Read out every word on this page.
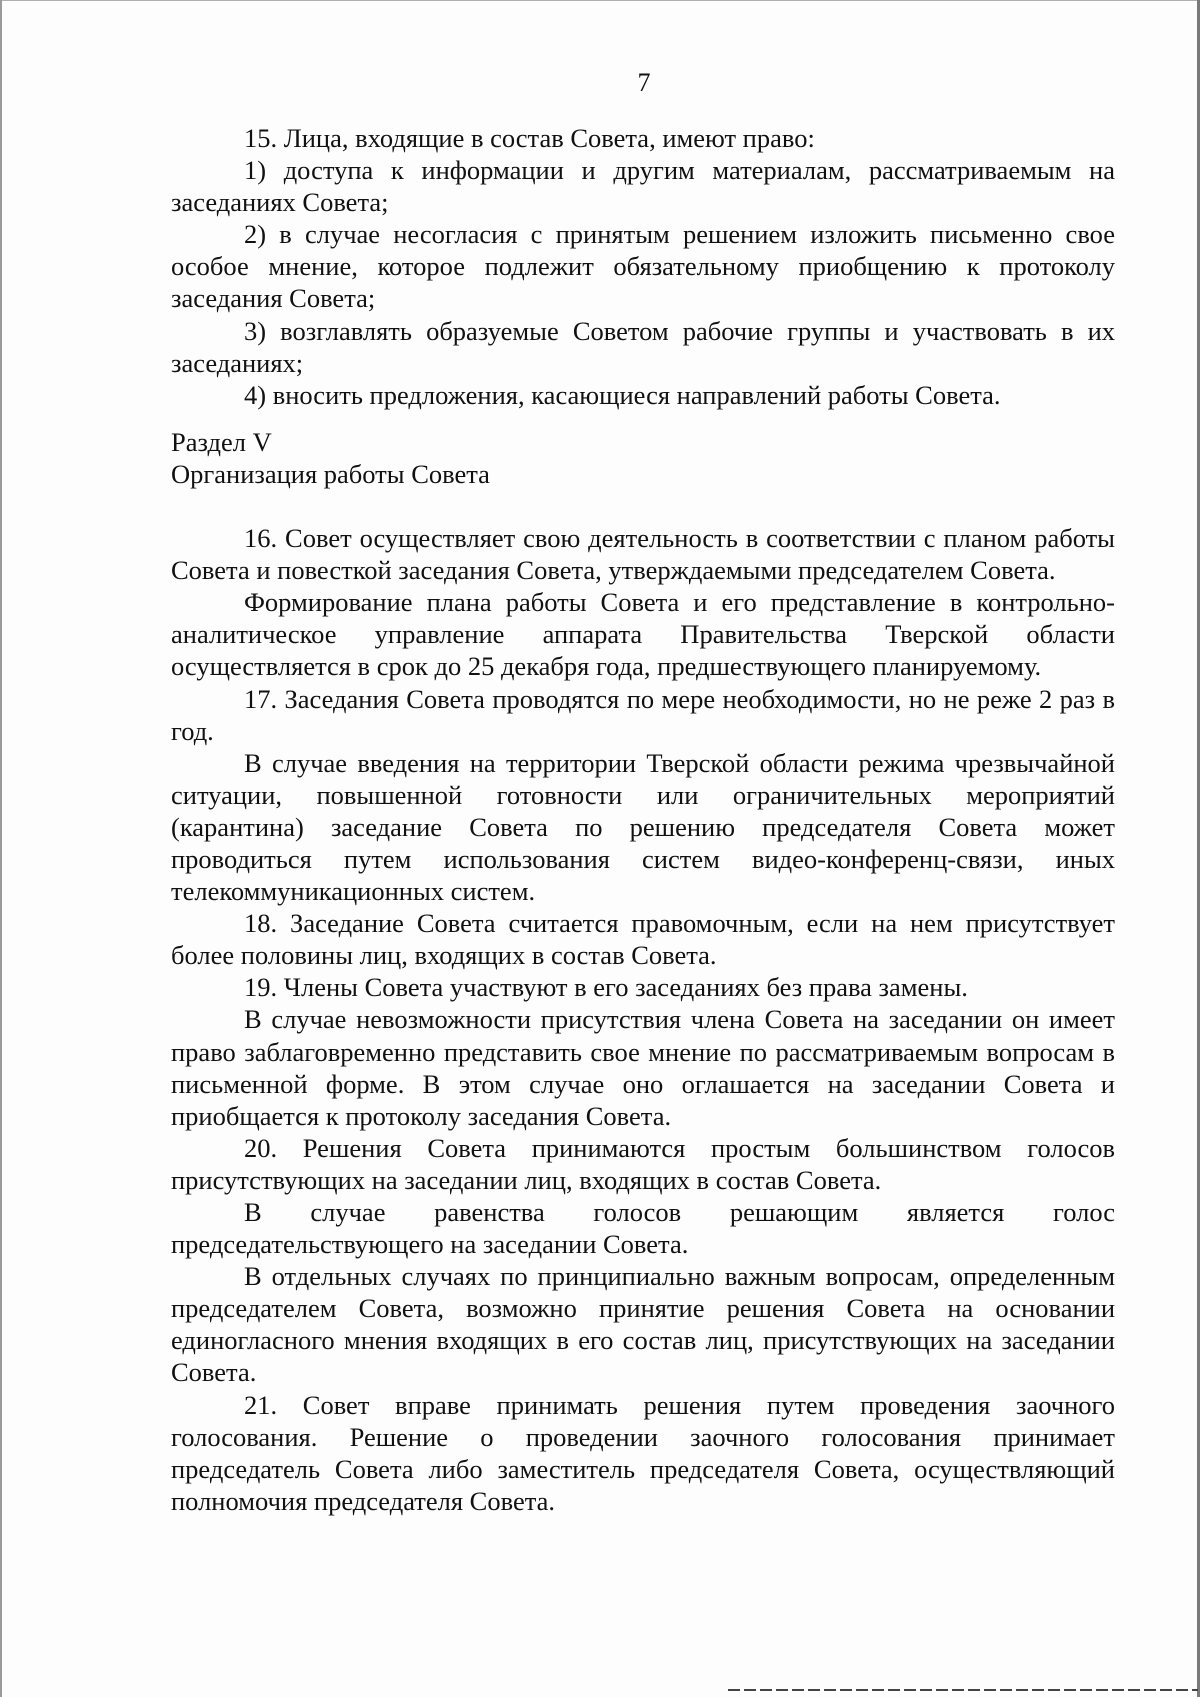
7

15. Лица, входящие в состав Совета, имеют право:

1) доступа к информации и другим материалам, рассматриваемым на заседаниях Совета;

2) в случае несогласия с принятым решением изложить письменно свое особое мнение, которое подлежит обязательному приобщению к протоколу заседания Совета;

3) возглавлять образуемые Советом рабочие группы и участвовать в их заседаниях;

4) вносить предложения, касающиеся направлений работы Совета.

Раздел V

Организация работы Совета

16. Совет осуществляет свою деятельность в соответствии с планом работы Совета и повесткой заседания Совета, утверждаемыми председателем Совета.

Формирование плана работы Совета и его представление в контрольно-аналитическое управление аппарата Правительства Тверской области осуществляется в срок до 25 декабря года, предшествующего планируемому.

17. Заседания Совета проводятся по мере необходимости, но не реже 2 раз в год.

В случае введения на территории Тверской области режима чрезвычайной ситуации, повышенной готовности или ограничительных мероприятий (карантина) заседание Совета по решению председателя Совета может проводиться путем использования систем видео-конференц-связи, иных телекоммуникационных систем.

18. Заседание Совета считается правомочным, если на нем присутствует более половины лиц, входящих в состав Совета.

19. Члены Совета участвуют в его заседаниях без права замены.

В случае невозможности присутствия члена Совета на заседании он имеет право заблаговременно представить свое мнение по рассматриваемым вопросам в письменной форме. В этом случае оно оглашается на заседании Совета и приобщается к протоколу заседания Совета.

20. Решения Совета принимаются простым большинством голосов присутствующих на заседании лиц, входящих в состав Совета.

В случае равенства голосов решающим является голос председательствующего на заседании Совета.

В отдельных случаях по принципиально важным вопросам, определенным председателем Совета, возможно принятие решения Совета на основании единогласного мнения входящих в его состав лиц, присутствующих на заседании Совета.

21. Совет вправе принимать решения путем проведения заочного голосования. Решение о проведении заочного голосования принимает председатель Совета либо заместитель председателя Совета, осуществляющий полномочия председателя Совета.
